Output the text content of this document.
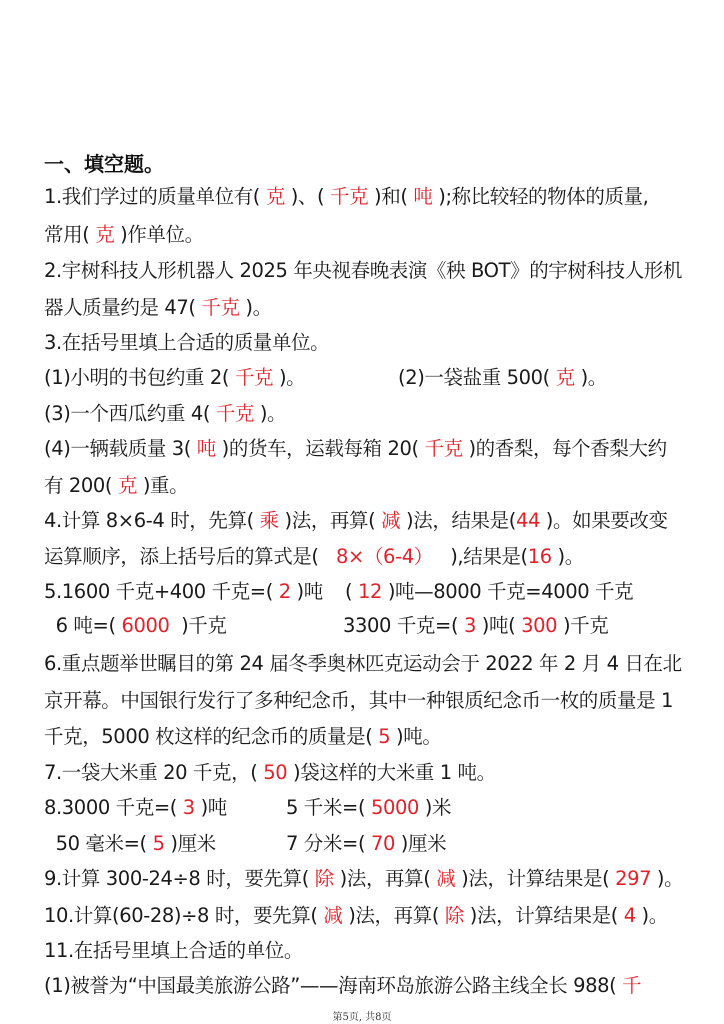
一、填空题。
1.我们学过的质量单位有( 克 )、( 千克 )和( 吨 );称比较轻的物体的质量,
常用( 克 )作单位。
2.宇树科技人形机器人 2025 年央视春晚表演《秧 BOT》的宇树科技人形机
器人质量约是 47( 千克 )。
3.在括号里填上合适的质量单位。
(1)小明的书包约重 2( 千克 )。	(2)一袋盐重 500( 克 )。
(3)一个西瓜约重 4( 千克 )。
(4)一辆载质量 3( 吨 )的货车，运载每箱 20( 千克 )的香梨，每个香梨大约
有 200( 克 )重。
4.计算 8×6-4 时，先算( 乘 )法，再算( 减 )法，结果是(44 )。如果要改变
运算顺序，添上括号后的算式是(   8×（6-4）   ),结果是(16 )。
5.1600 千克+400 千克=( 2 )吨 ( 12 )吨—8000 千克=4000 千克
6 吨=( 6000  )千克	3300 千克=( 3 )吨( 300 )千克
6.重点题举世瞩目的第 24 届冬季奥林匹克运动会于 2022 年 2 月 4 日在北
京开幕。中国银行发行了多种纪念币，其中一种银质纪念币一枚的质量是 1
千克，5000 枚这样的纪念币的质量是( 5 )吨。
7.一袋大米重 20 千克，( 50 )袋这样的大米重 1 吨。
8.3000 千克=( 3 )吨	5 千米=( 5000 )米
50 毫米=( 5 )厘米	7 分米=( 70 )厘米
9.计算 300-24÷8 时，要先算( 除 )法，再算( 减 )法，计算结果是( 297 )。
10.计算(60-28)÷8 时，要先算( 减 )法，再算( 除 )法，计算结果是( 4 )。
11.在括号里填上合适的单位。
(1)被誉为“中国最美旅游公路”——海南环岛旅游公路主线全长 988( 千
第5页, 共8页
